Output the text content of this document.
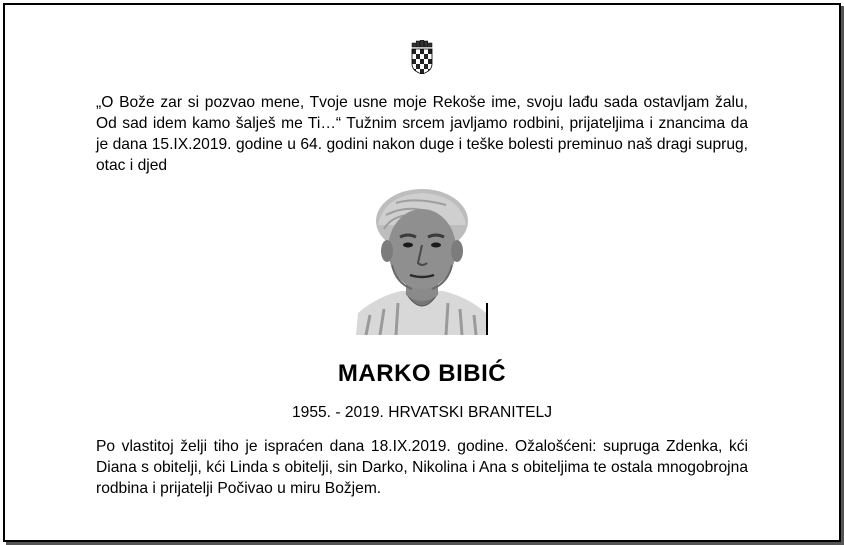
„O Bože zar si pozvao mene, Tvoje usne moje Rekoše ime, svoju lađu sada ostavljam žalu, Od sad idem kamo šalješ me Ti…“ Tužnim srcem javljamo rodbini, prijateljima i znancima da je dana 15.IX.2019. godine u 64. godini nakon duge i teške bolesti preminuo naš dragi suprug, otac i djed

MARKO BIBIĆ
1955. - 2019. HRVATSKI BRANITELJ

Po vlastitoj želji tiho je ispraćen dana 18.IX.2019. godine. Ožalošćeni: supruga Zdenka, kći Diana s obitelji, kći Linda s obitelji, sin Darko, Nikolina i Ana s obiteljima te ostala mnogobrojna rodbina i prijatelji Počivao u miru Božjem.
